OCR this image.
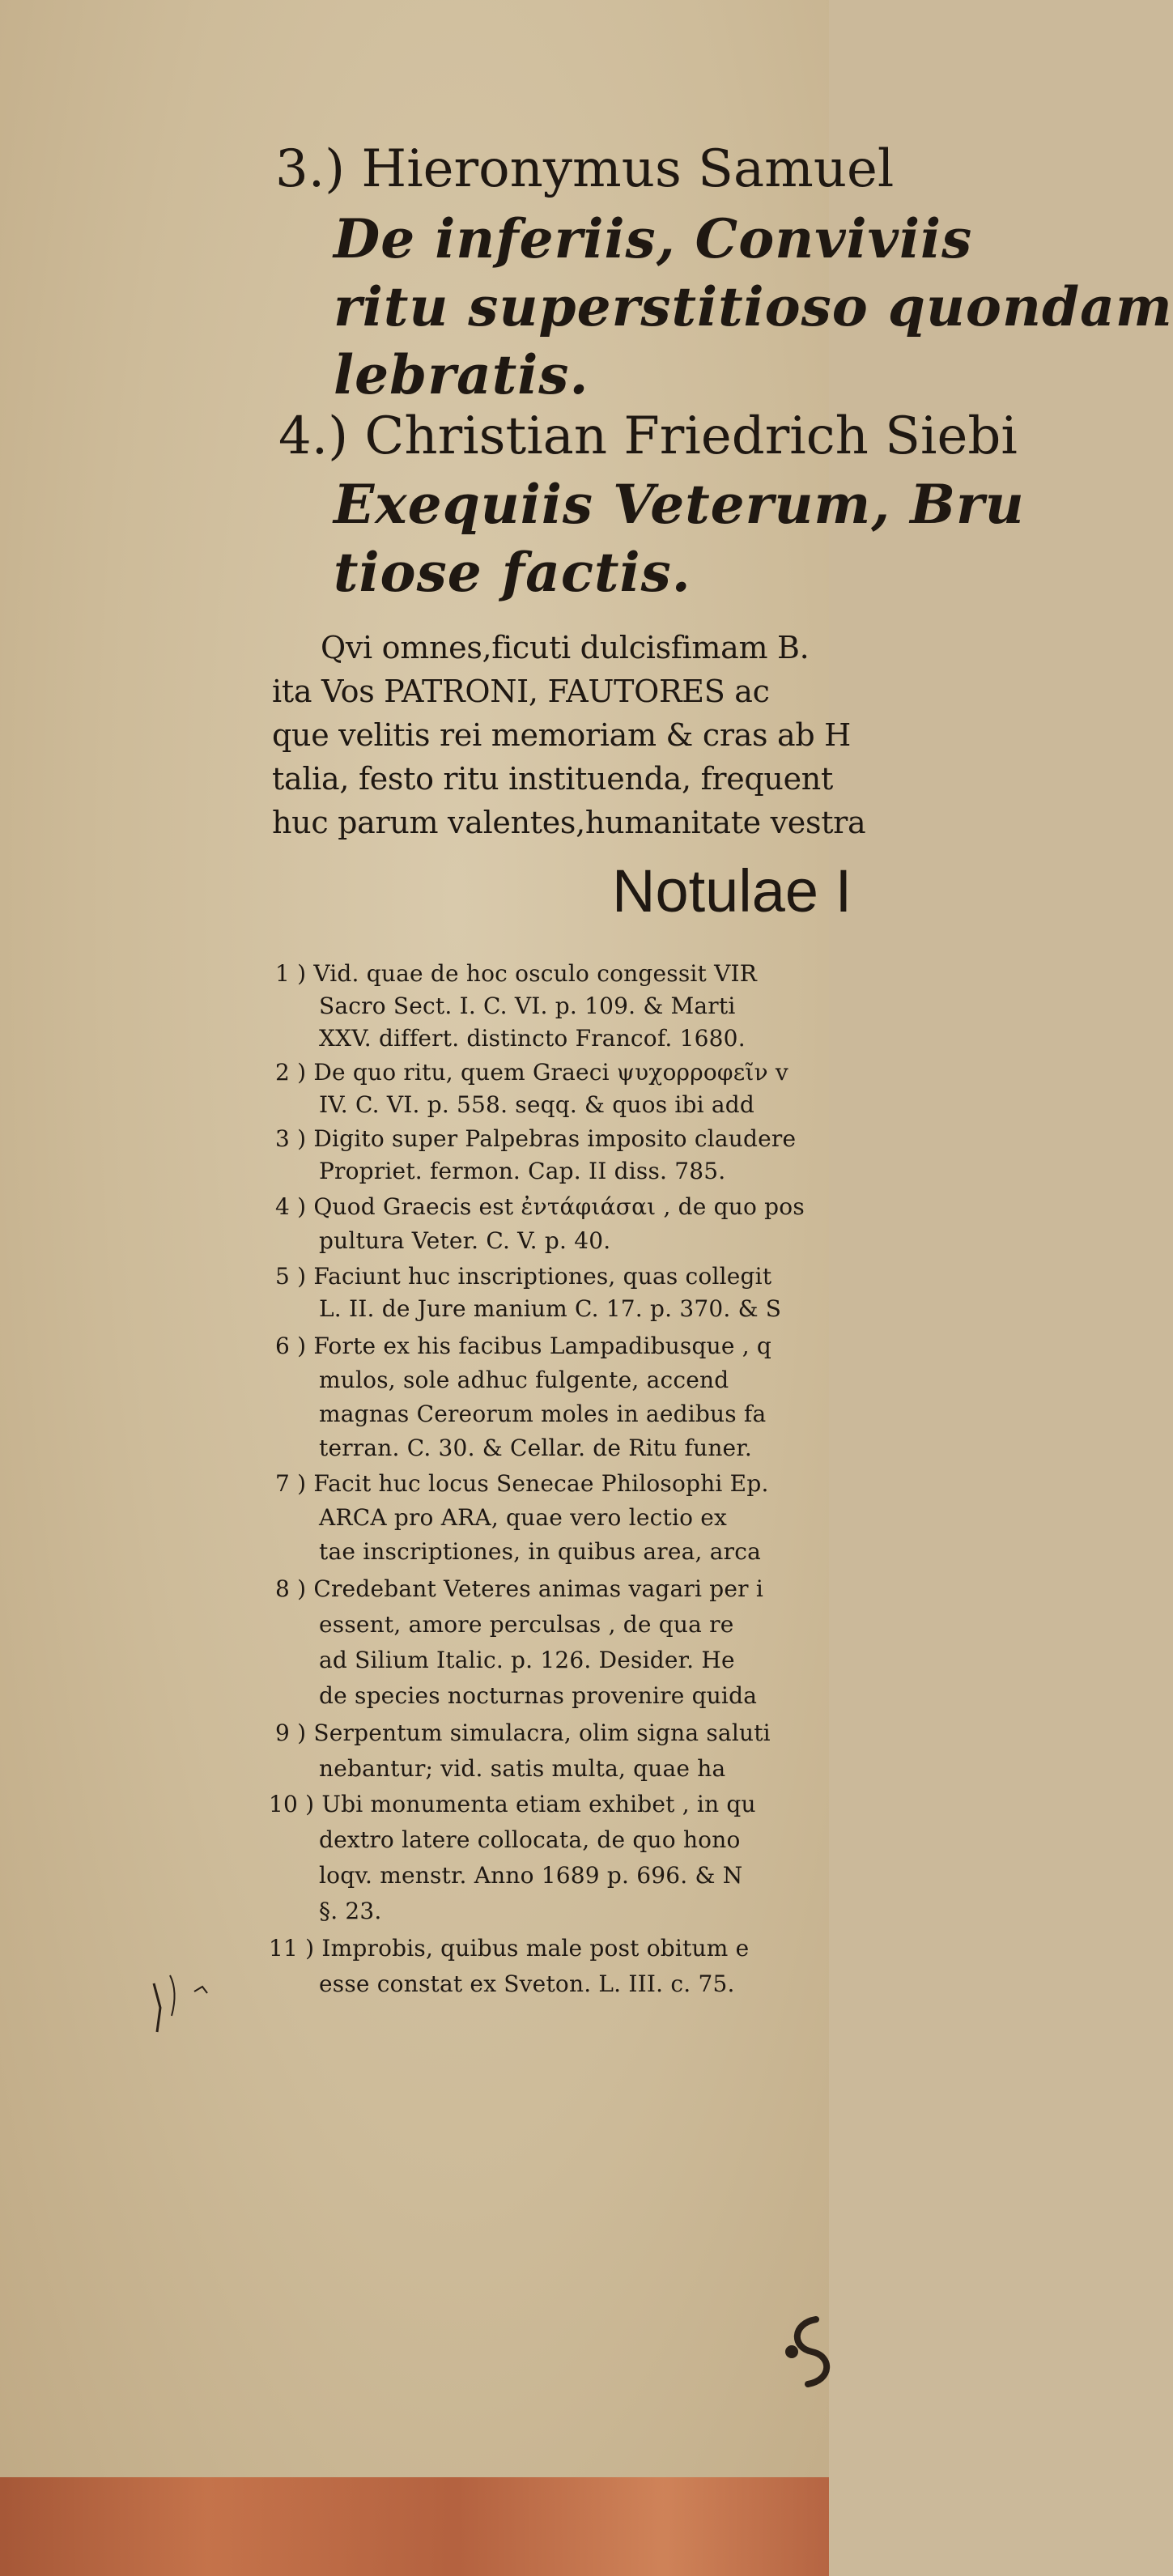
3.) Hieronymus Samuel
De inferiis, Conviviis
ritu superstitioso quondam
lebratis.
4.) Christian Friedrich Siebi
Exequiis Veterum, Bru
tiose factis.
Qvi omnes,ficuti dulcisfimam B.
ita Vos PATRONI, FAUTORES ac
que velitis rei memoriam & cras ab H
talia, festo ritu instituenda, frequent
huc parum valentes,humanitate vestra
Notulae I
1 ) Vid. quae de hoc osculo congessit VIR
Sacro Sect. I. C. VI. p. 109. & Marti
XXV. differt. distincto Francof. 1680.
2 ) De quo ritu, quem Graeci ψυχορροφεῖν v
IV. C. VI. p. 558. seqq. & quos ibi add
3 ) Digito super Palpebras imposito claudere
Propriet. fermon. Cap. II diss. 785.
4 ) Quod Graecis est ἐντάφιάσαι , de quo pos
pultura Veter. C. V. p. 40.
5 ) Faciunt huc inscriptiones, quas collegit
L. II. de Jure manium C. 17. p. 370. & S
6 ) Forte ex his facibus Lampadibusque , q
mulos, sole adhuc fulgente, accend
magnas Cereorum moles in aedibus fa
terran. C. 30. & Cellar. de Ritu funer.
7 ) Facit huc locus Senecae Philosophi Ep.
ARCA pro ARA, quae vero lectio ex
tae inscriptiones, in quibus area, arca
8 ) Credebant Veteres animas vagari per i
essent, amore perculsas , de qua re
ad Silium Italic. p. 126. Desider. He
de species nocturnas provenire quida
9 ) Serpentum simulacra, olim signa saluti
nebantur; vid. satis multa, quae ha
10 ) Ubi monumenta etiam exhibet , in qu
dextro latere collocata, de quo hono
loqv. menstr. Anno 1689 p. 696. & N
§. 23.
11 ) Improbis, quibus male post obitum e
esse constat ex Sveton. L. III. c. 75.
